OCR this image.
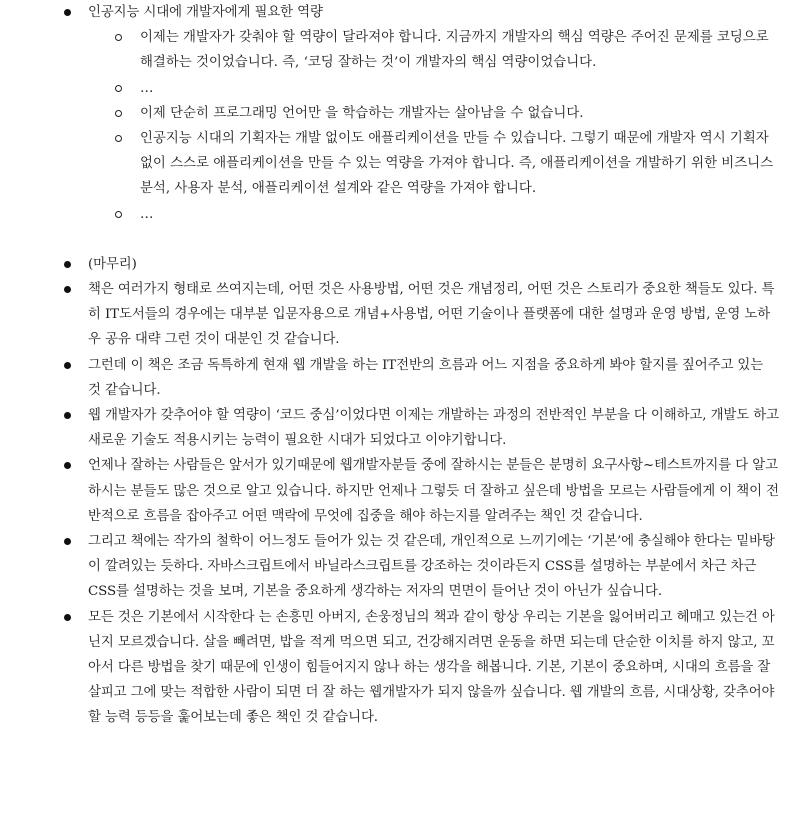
인공지능 시대에 개발자에게 필요한 역량
이제는 개발자가 갖춰야 할 역량이 달라져야 합니다. 지금까지 개발자의 핵심 역량은 주어진 문제를 코딩으로 해결하는 것이었습니다. 즉, ‘코딩 잘하는 것’이 개발자의 핵심 역량이었습니다.
…
이제 단순히 프로그래밍 언어만 을 학습하는 개발자는 살아남을 수 없습니다.
인공지능 시대의 기획자는 개발 없이도 애플리케이션을 만들 수 있습니다. 그렇기 때문에 개발자 역시 기획자 없이 스스로 애플리케이션을 만들 수 있는 역량을 가져야 합니다. 즉, 애플리케이션을 개발하기 위한 비즈니스 분석, 사용자 분석, 애플리케이션 설계와 같은 역량을 가져야 합니다.
…
(마무리)
책은 여러가지 형태로 쓰여지는데, 어떤 것은 사용방법, 어떤 것은 개념정리, 어떤 것은 스토리가 중요한 책들도 있다. 특히 IT도서들의 경우에는 대부분 입문자용으로 개념+사용법, 어떤 기술이나 플랫폼에 대한 설명과 운영 방법, 운영 노하우 공유 대략 그런 것이 대분인 것 같습니다.
그런데 이 책은 조금 독특하게 현재 웹 개발을 하는 IT전반의 흐름과 어느 지점을 중요하게 봐야 할지를 짚어주고 있는 것 같습니다.
웹 개발자가 갖추어야 할 역량이 ‘코드 중심’이었다면 이제는 개발하는 과정의 전반적인 부분을 다 이해하고, 개발도 하고 새로운 기술도 적용시키는 능력이 필요한 시대가 되었다고 이야기합니다.
언제나 잘하는 사람들은 앞서가 있기때문에 웹개발자분들 중에 잘하시는 분들은 분명히 요구사항~테스트까지를 다 알고 하시는 분들도 많은 것으로 알고 있습니다. 하지만 언제나 그렇듯 더 잘하고 싶은데 방법을 모르는 사람들에게 이 책이 전반적으로 흐름을 잡아주고 어떤 맥락에 무엇에 집중을 해야 하는지를 알려주는 책인 것 같습니다.
그리고 책에는 작가의 철학이 어느정도 들어가 있는 것 같은데, 개인적으로 느끼기에는 ‘기본’에 충실해야 한다는 밑바탕이 깔려있는 듯하다. 자바스크립트에서 바닐라스크립트를 강조하는 것이라든지 CSS를 설명하는 부분에서 차근 차근 CSS를 설명하는 것을 보며, 기본을 중요하게 생각하는 저자의 면면이 들어난 것이 아닌가 싶습니다.
모든 것은 기본에서 시작한다 는 손흥민 아버지, 손웅정님의 책과 같이 항상 우리는 기본을 잃어버리고 헤매고 있는건 아닌지 모르겠습니다. 살을 빼려면, 밥을 적게 먹으면 되고, 건강해지려면 운동을 하면 되는데 단순한 이치를 하지 않고, 꼬아서 다른 방법을 찾기 때문에 인생이 힘들어지지 않나 하는 생각을 해봅니다. 기본, 기본이 중요하며, 시대의 흐름을 잘 살피고 그에 맞는 적합한 사람이 되면 더 잘 하는 웹개발자가 되지 않을까 싶습니다. 웹 개발의 흐름, 시대상황, 갖추어야할 능력 등등을 훑어보는데 좋은 책인 것 같습니다.
